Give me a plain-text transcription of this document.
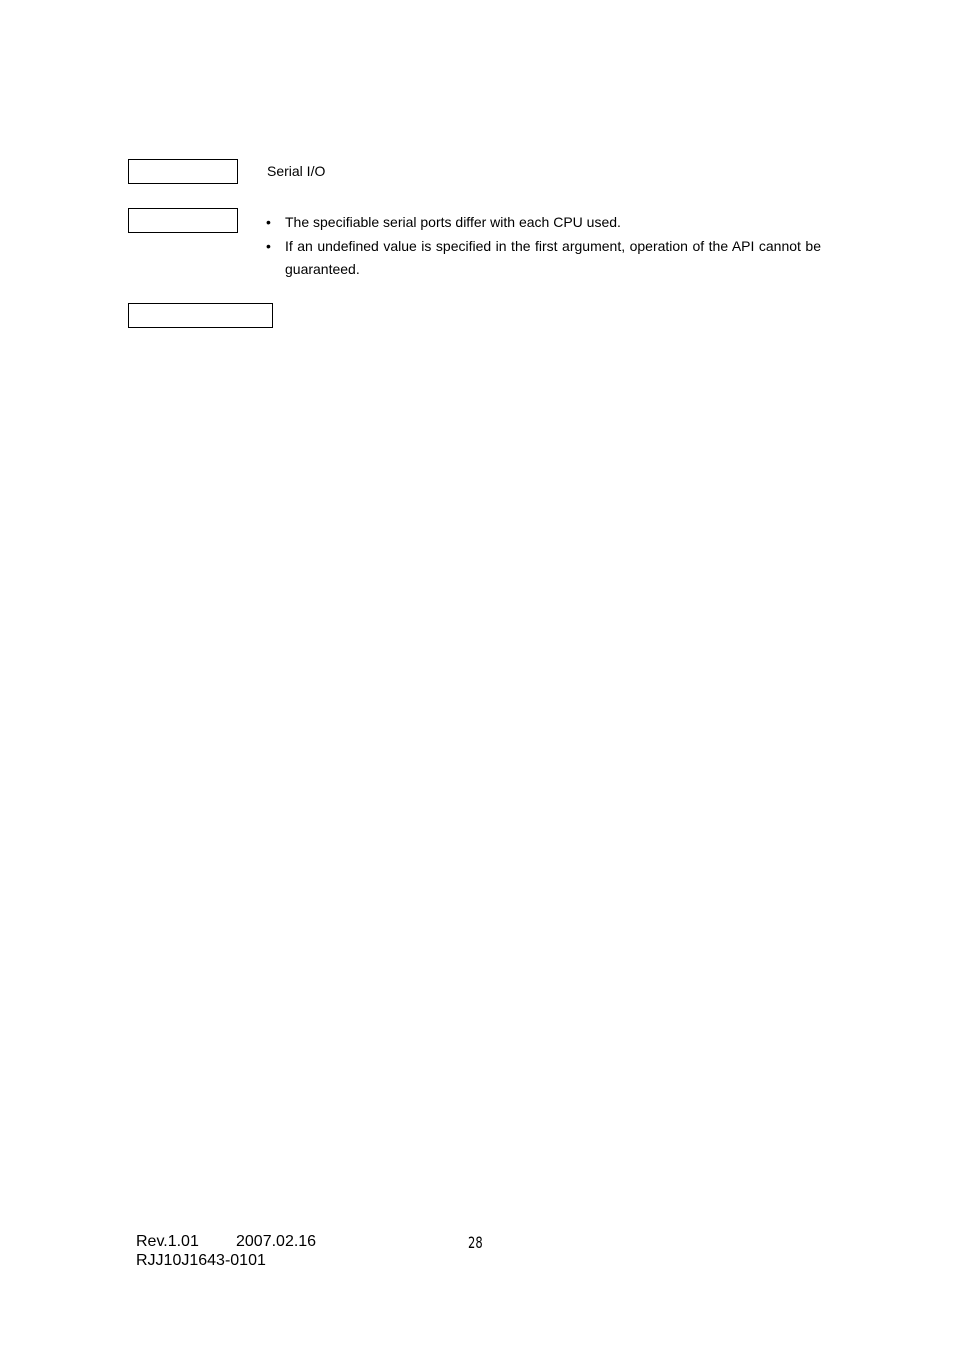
Serial I/O
• The specifiable serial ports differ with each CPU used.
• If an undefined value is specified in the first argument, operation of the API cannot be guaranteed.
Rev.1.01 2007.02.16
RJJ10J1643-0101
28
